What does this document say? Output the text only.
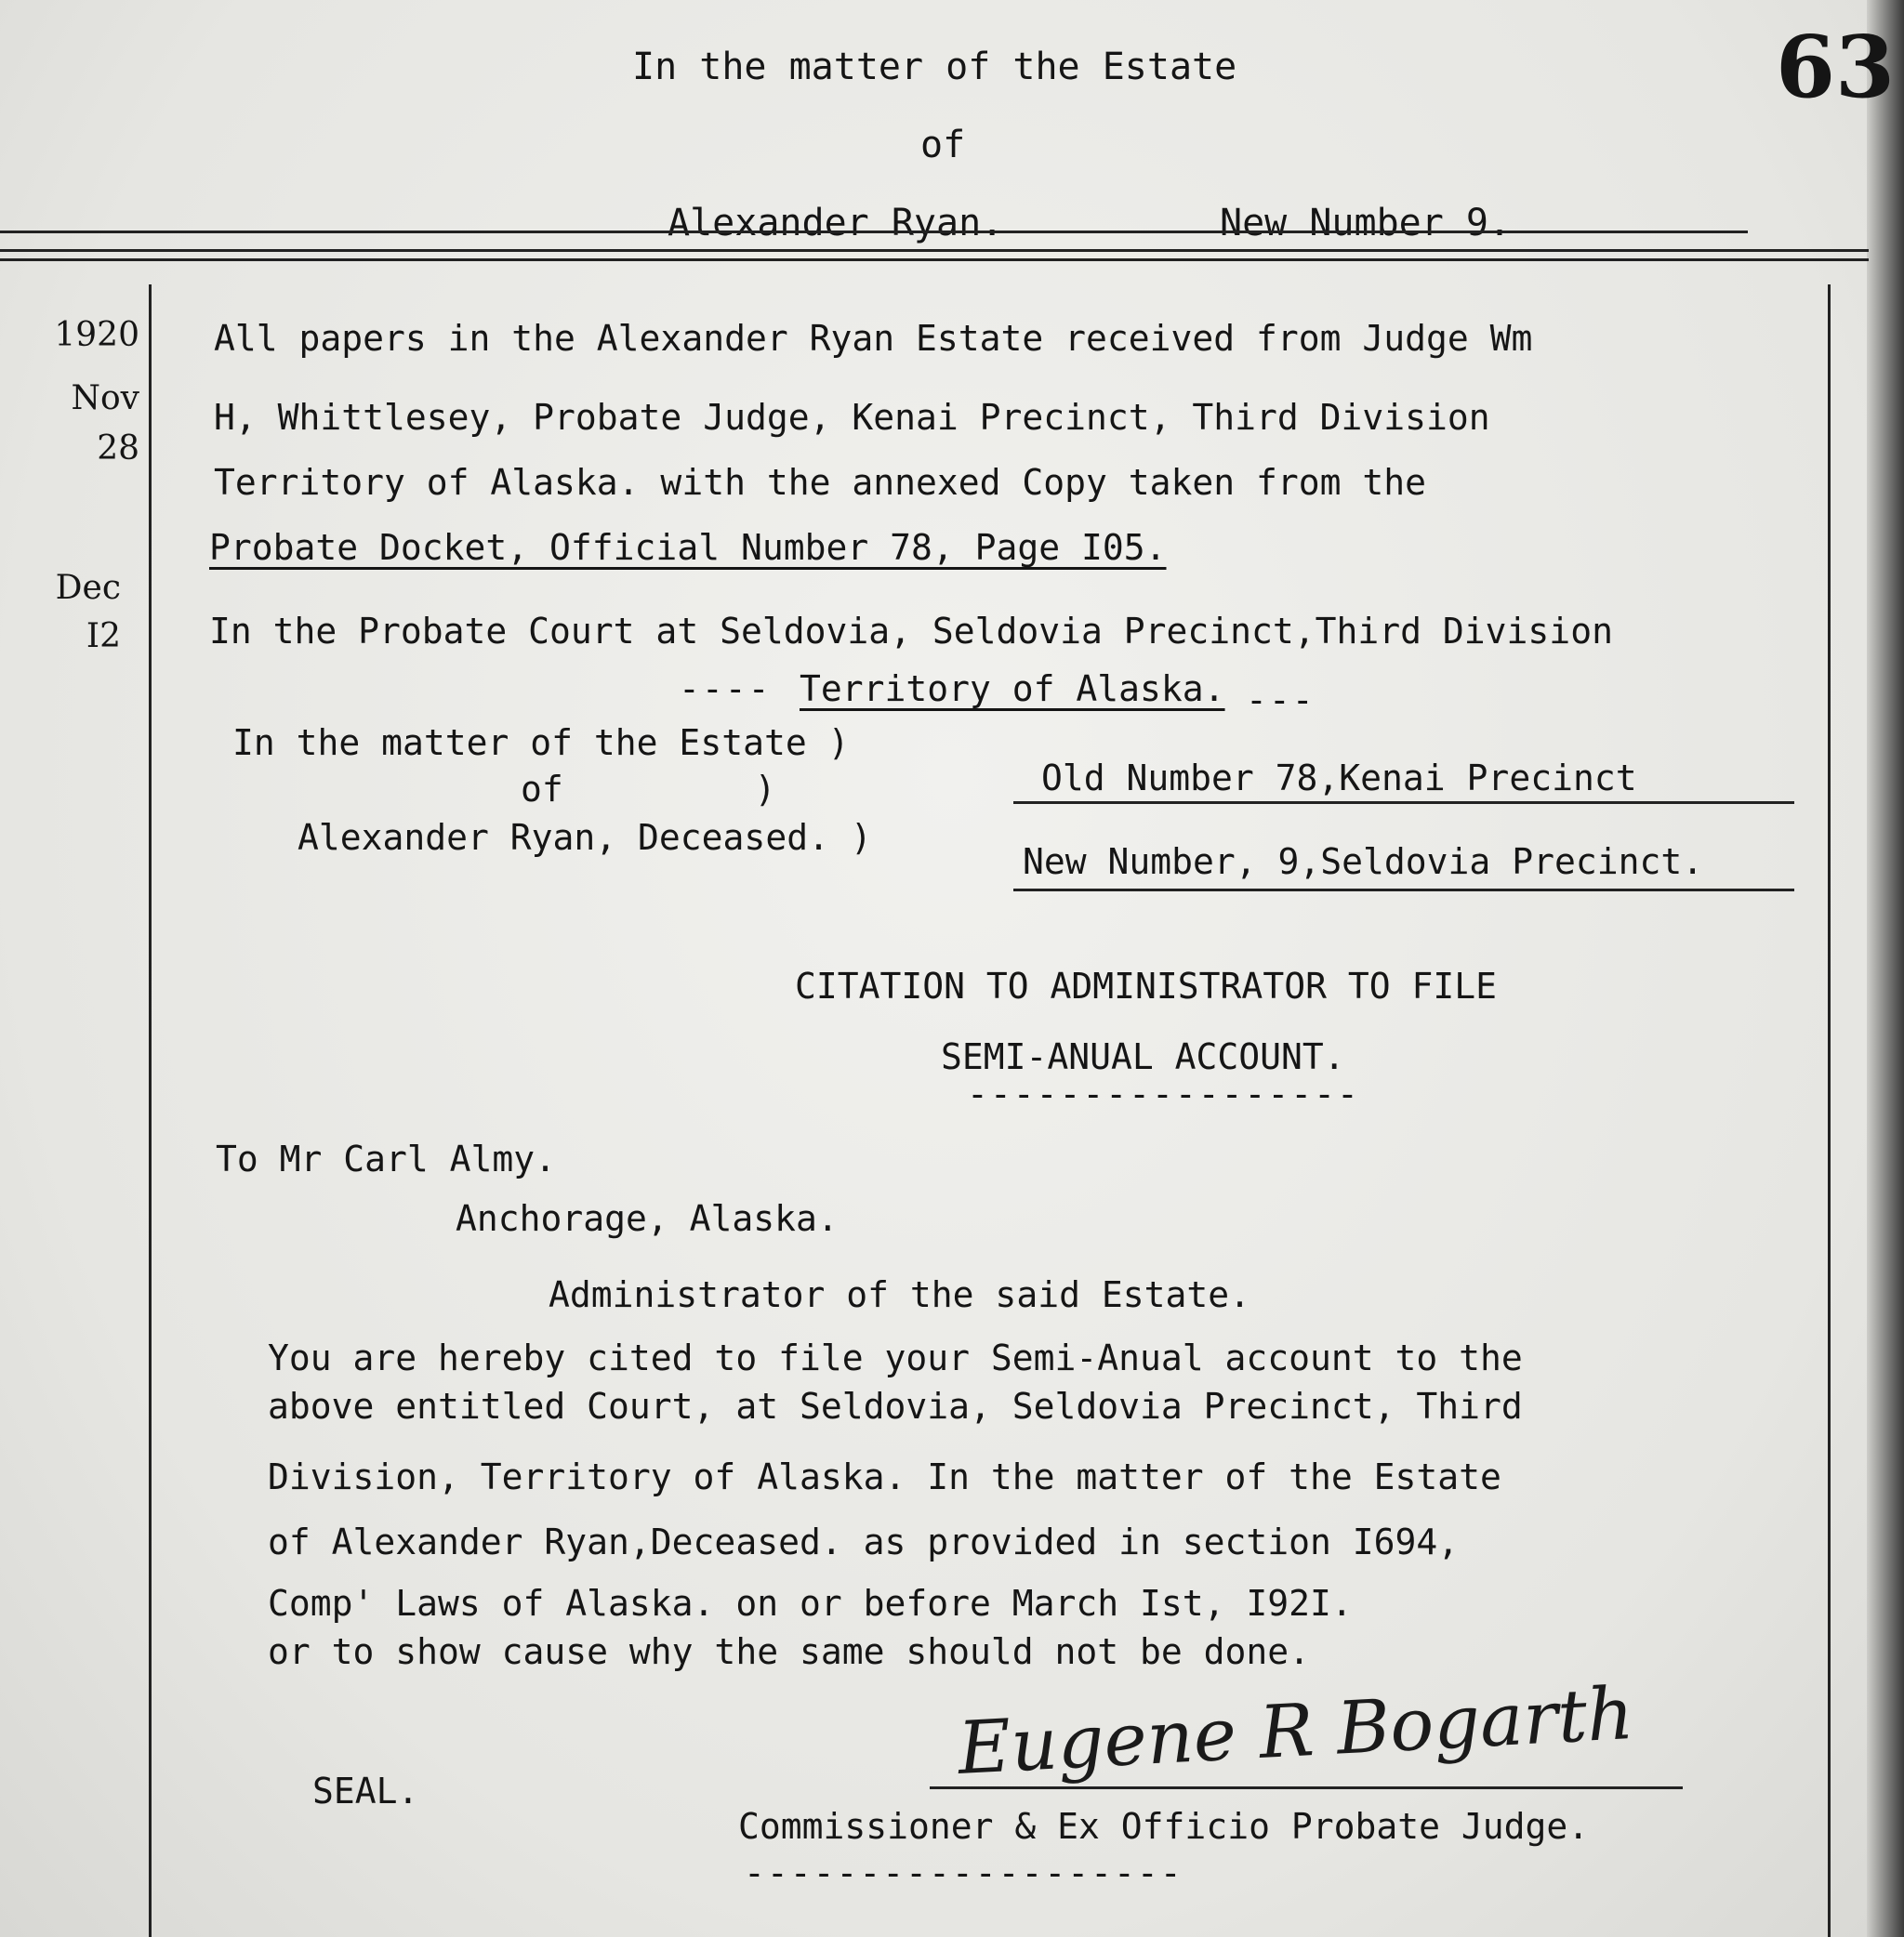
63
In the matter of the Estate
of
Alexander Ryan.	New Number 9.
1920
Nov
28
Dec
I2
All papers in the Alexander Ryan Estate received from Judge Wm
H, Whittlesey, Probate Judge, Kenai Precinct, Third Division
Territory of Alaska. with the annexed Copy taken from the
Probate Docket, Official Number 78, Page I05.
In the Probate Court at Seldovia, Seldovia Precinct,Third Division
---- Territory of Alaska. ---
In the matter of the Estate )
of         )
Alexander Ryan, Deceased. )
Old Number 78,Kenai Precinct
New Number, 9,Seldovia Precinct.
CITATION TO ADMINISTRATOR TO FILE
SEMI-ANUAL ACCOUNT.
-----------------
To Mr Carl Almy.
Anchorage, Alaska.
Administrator of the said Estate.
You are hereby cited to file your Semi-Anual account to the
above entitled Court, at Seldovia, Seldovia Precinct, Third
Division, Territory of Alaska. In the matter of the Estate
of Alexander Ryan,Deceased. as provided in section I694,
Comp' Laws of Alaska. on or before March Ist, I92I.
or to show cause why the same should not be done.
Eugene R Bogarth
SEAL.
Commissioner & Ex Officio Probate Judge.
-------------------
